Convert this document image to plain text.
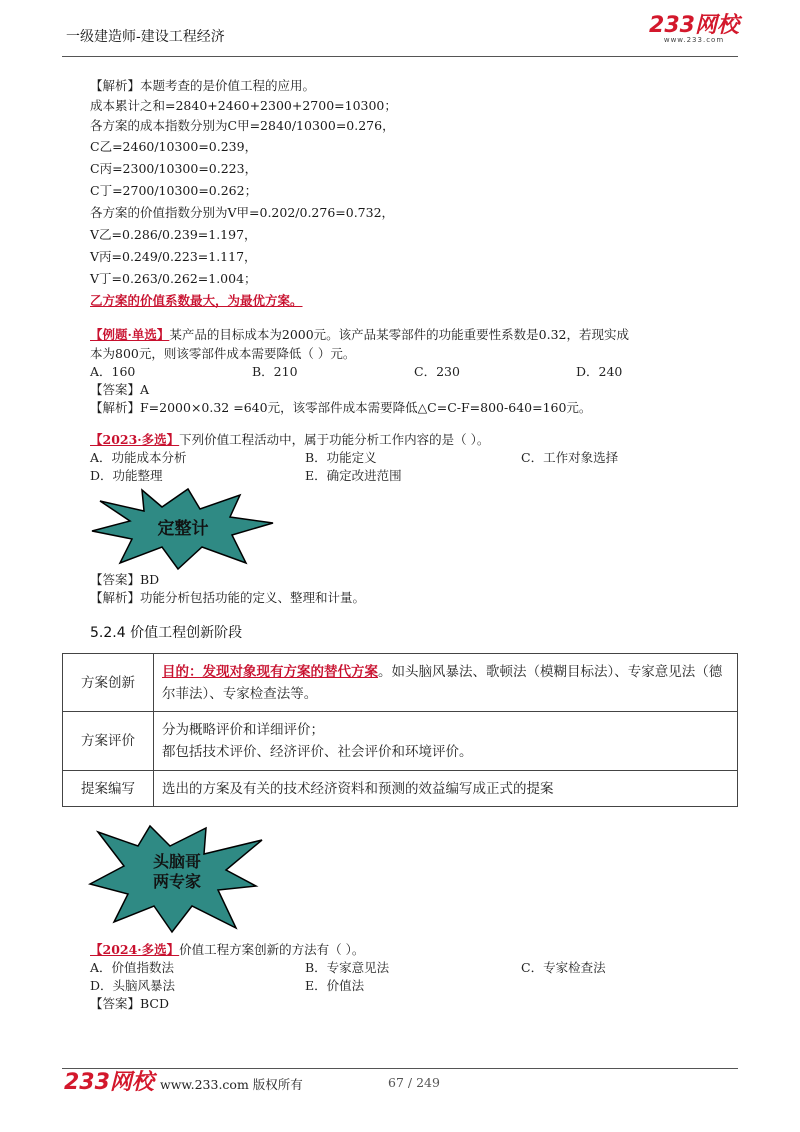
一级建造师-建设工程经济	233网校
www.233.com
【解析】本题考查的是价值工程的应用。
成本累计之和=2840+2460+2300+2700=10300；
各方案的成本指数分别为C甲=2840/10300=0.276，
C乙=2460/10300=0.239，
C丙=2300/10300=0.223，
C丁=2700/10300=0.262；
各方案的价值指数分别为V甲=0.202/0.276=0.732，
V乙=0.286/0.239=1.197，
V丙=0.249/0.223=1.117，
V丁=0.263/0.262=1.004；
乙方案的价值系数最大，为最优方案。
【例题·单选】某产品的目标成本为2000元。该产品某零部件的功能重要性系数是0.32，若现实成
本为800元，则该零部件成本需要降低（ ）元。
A．160	B．210	C．230	D．240
【答案】A
【解析】F=2000×0.32 =640元，该零部件成本需要降低△C=C-F=800-640=160元。
【2023·多选】下列价值工程活动中，属于功能分析工作内容的是（ ）。
A．功能成本分析	B．功能定义	C．工作对象选择
D．功能整理	E．确定改进范围
定整计
【答案】BD
【解析】功能分析包括功能的定义、整理和计量。
5.2.4 价值工程创新阶段
方案创新	目的：发现对象现有方案的替代方案。如头脑风暴法、歌顿法（模糊目标法）、专家意见法（德尔菲法）、专家检查法等。
方案评价	分为概略评价和详细评价；
都包括技术评价、经济评价、社会评价和环境评价。

提案编写	选出的方案及有关的技术经济资料和预测的效益编写成正式的提案
头脑哥
两专家
【2024·多选】价值工程方案创新的方法有（ ）。
A．价值指数法	B．专家意见法	C．专家检查法
D．头脑风暴法	E．价值法
【答案】BCD
233网校 www.233.com 版权所有	67 / 249
